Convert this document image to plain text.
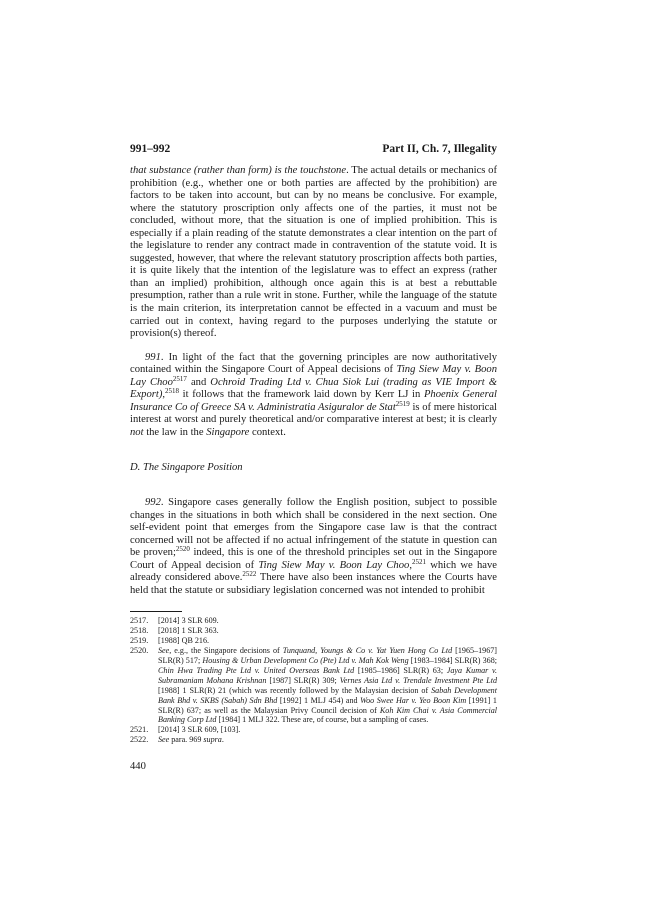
991–992	Part II, Ch. 7, Illegality

that substance (rather than form) is the touchstone. The actual details or mechanics of prohibition (e.g., whether one or both parties are affected by the prohibition) are factors to be taken into account, but can by no means be conclusive. For example, where the statutory proscription only affects one of the parties, it must not be concluded, without more, that the situation is one of implied prohibition. This is especially if a plain reading of the statute demonstrates a clear intention on the part of the legislature to render any contract made in contravention of the statute void. It is suggested, however, that where the relevant statutory proscription affects both parties, it is quite likely that the intention of the legislature was to effect an express (rather than an implied) prohibition, although once again this is at best a rebuttable presumption, rather than a rule writ in stone. Further, while the language of the statute is the main criterion, its interpretation cannot be effected in a vacuum and must be carried out in context, having regard to the purposes underlying the statute or provision(s) thereof.

991. In light of the fact that the governing principles are now authoritatively contained within the Singapore Court of Appeal decisions of Ting Siew May v. Boon Lay Choo$^{2517}$ and Ochroid Trading Ltd v. Chua Siok Lui (trading as VIE Import & Export),$^{2518}$ it follows that the framework laid down by Kerr LJ in Phoenix General Insurance Co of Greece SA v. Administratia Asiguralor de Stat$^{2519}$ is of mere historical interest at worst and purely theoretical and/or comparative interest at best; it is clearly not the law in the Singapore context.

D. The Singapore Position

992. Singapore cases generally follow the English position, subject to possible changes in the situations in both which shall be considered in the next section. One self-evident point that emerges from the Singapore case law is that the contract concerned will not be affected if no actual infringement of the statute in question can be proven;$^{2520}$ indeed, this is one of the threshold principles set out in the Singapore Court of Appeal decision of Ting Siew May v. Boon Lay Choo,$^{2521}$ which we have already considered above.$^{2522}$ There have also been instances where the Courts have held that the statute or subsidiary legislation concerned was not intended to prohibit

2517.	[2014] 3 SLR 609.
2518.	[2018] 1 SLR 363.
2519.	[1988] QB 216.
2520.	See, e.g., the Singapore decisions of Tunquand, Youngs & Co v. Yat Yuen Hong Co Ltd [1965–1967] SLR(R) 517; Housing & Urban Development Co (Pte) Ltd v. Mah Kok Weng [1983–1984] SLR(R) 368; Chin Hwa Trading Pte Ltd v. United Overseas Bank Ltd [1985–1986] SLR(R) 63; Jaya Kumar v. Subramaniam Mohana Krishnan [1987] SLR(R) 309; Vernes Asia Ltd v. Trendale Investment Pte Ltd [1988] 1 SLR(R) 21 (which was recently followed by the Malaysian decision of Sabah Development Bank Bhd v. SKBS (Sabah) Sdn Bhd [1992] 1 MLJ 454) and Woo Swee Har v. Yeo Boon Kim [1991] 1 SLR(R) 637; as well as the Malaysian Privy Council decision of Koh Kim Chai v. Asia Commercial Banking Corp Ltd [1984] 1 MLJ 322. These are, of course, but a sampling of cases.
2521.	[2014] 3 SLR 609, [103].
2522.	See para. 969 supra.
440
